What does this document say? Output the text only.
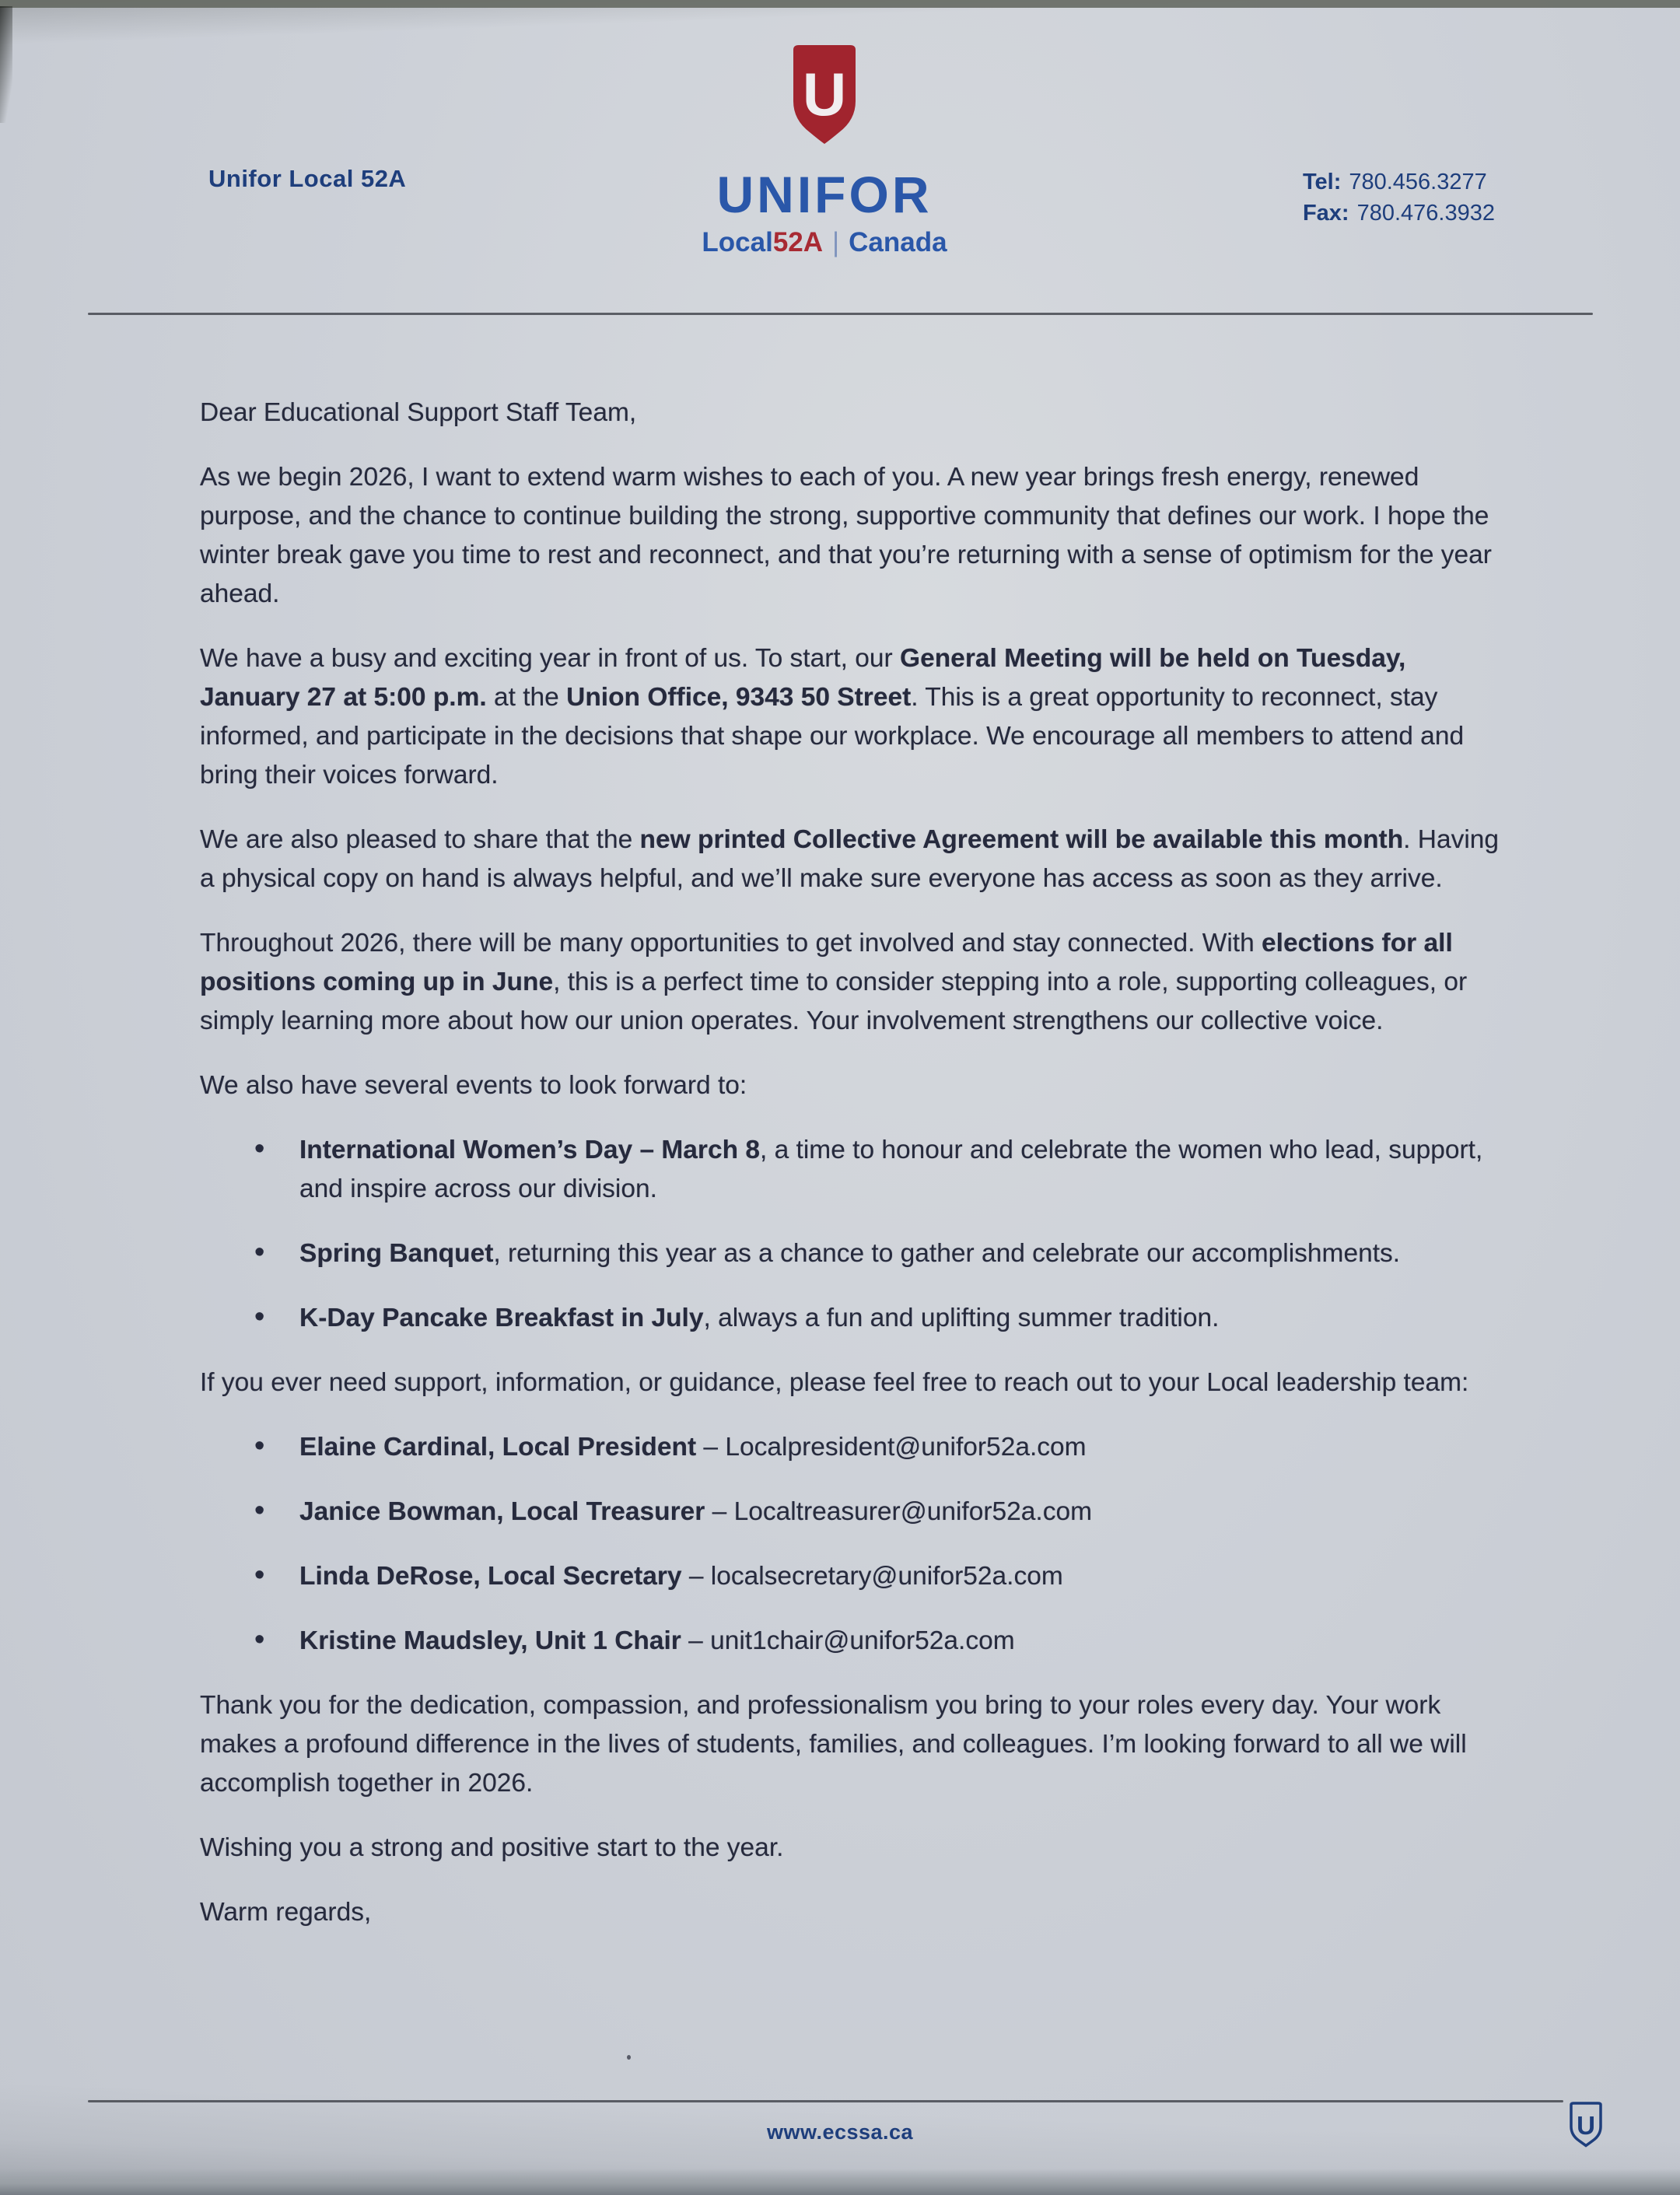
Unifor Local 52A
U
UNIFOR
Local52A | Canada
Tel: 780.456.3277
Fax: 780.476.3932

Dear Educational Support Staff Team,

As we begin 2026, I want to extend warm wishes to each of you. A new year brings fresh energy, renewed purpose, and the chance to continue building the strong, supportive community that defines our work. I hope the winter break gave you time to rest and reconnect, and that you’re returning with a sense of optimism for the year ahead.

We have a busy and exciting year in front of us. To start, our General Meeting will be held on Tuesday, January 27 at 5:00 p.m. at the Union Office, 9343 50 Street. This is a great opportunity to reconnect, stay informed, and participate in the decisions that shape our workplace. We encourage all members to attend and bring their voices forward.

We are also pleased to share that the new printed Collective Agreement will be available this month. Having a physical copy on hand is always helpful, and we’ll make sure everyone has access as soon as they arrive.

Throughout 2026, there will be many opportunities to get involved and stay connected. With elections for all positions coming up in June, this is a perfect time to consider stepping into a role, supporting colleagues, or simply learning more about how our union operates. Your involvement strengthens our collective voice.

We also have several events to look forward to:

• International Women’s Day – March 8, a time to honour and celebrate the women who lead, support, and inspire across our division.
• Spring Banquet, returning this year as a chance to gather and celebrate our accomplishments.
• K-Day Pancake Breakfast in July, always a fun and uplifting summer tradition.

If you ever need support, information, or guidance, please feel free to reach out to your Local leadership team:

• Elaine Cardinal, Local President – Localpresident@unifor52a.com
• Janice Bowman, Local Treasurer – Localtreasurer@unifor52a.com
• Linda DeRose, Local Secretary – localsecretary@unifor52a.com
• Kristine Maudsley, Unit 1 Chair – unit1chair@unifor52a.com

Thank you for the dedication, compassion, and professionalism you bring to your roles every day. Your work makes a profound difference in the lives of students, families, and colleagues. I’m looking forward to all we will accomplish together in 2026.

Wishing you a strong and positive start to the year.

Warm regards,

www.ecssa.ca	U
